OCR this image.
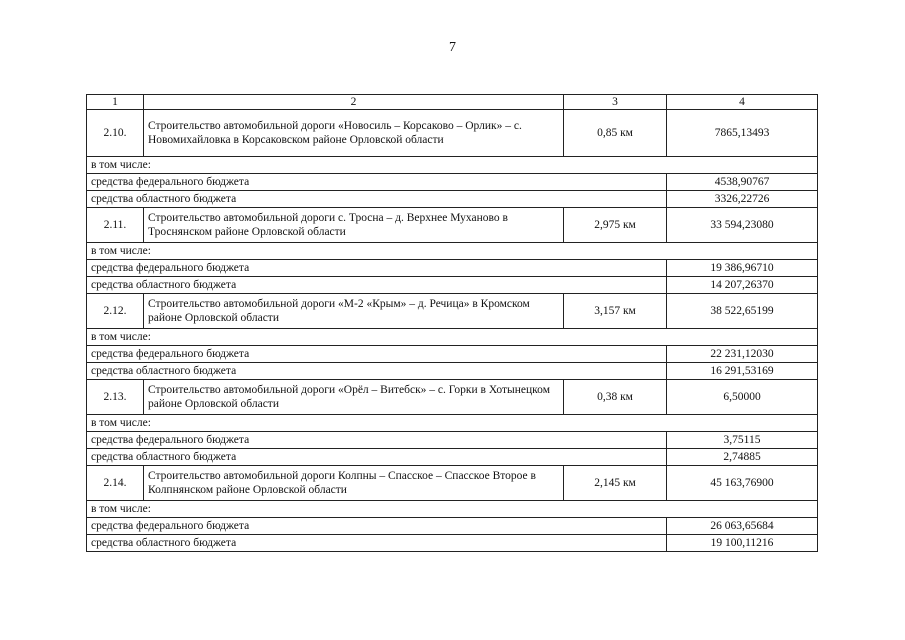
7
1	2	3	4
2.10.	Строительство автомобильной дороги «Новосиль – Корсаково – Орлик» – с. Новомихайловка в Корсаковском районе Орловской области	0,85 км	7865,13493
в том числе:			
средства федерального бюджета			4538,90767
средства областного бюджета			3326,22726
2.11.	Строительство автомобильной дороги с. Тросна – д. Верхнее Муханово в Троснянском районе Орловской области	2,975 км	33 594,23080
в том числе:			
средства федерального бюджета			19 386,96710
средства областного бюджета			14 207,26370
2.12.	Строительство автомобильной дороги «М-2 «Крым» – д. Речица» в Кромском районе Орловской области	3,157 км	38 522,65199
в том числе:			
средства федерального бюджета			22 231,12030
средства областного бюджета			16 291,53169
2.13.	Строительство автомобильной дороги «Орёл – Витебск» – с. Горки в Хотынецком районе Орловской области	0,38 км	6,50000
в том числе:			
средства федерального бюджета			3,75115
средства областного бюджета			2,74885
2.14.	Строительство автомобильной дороги Колпны – Спасское – Спасское Второе в Колпнянском районе Орловской области	2,145 км	45 163,76900
в том числе:			
средства федерального бюджета			26 063,65684
средства областного бюджета			19 100,11216
